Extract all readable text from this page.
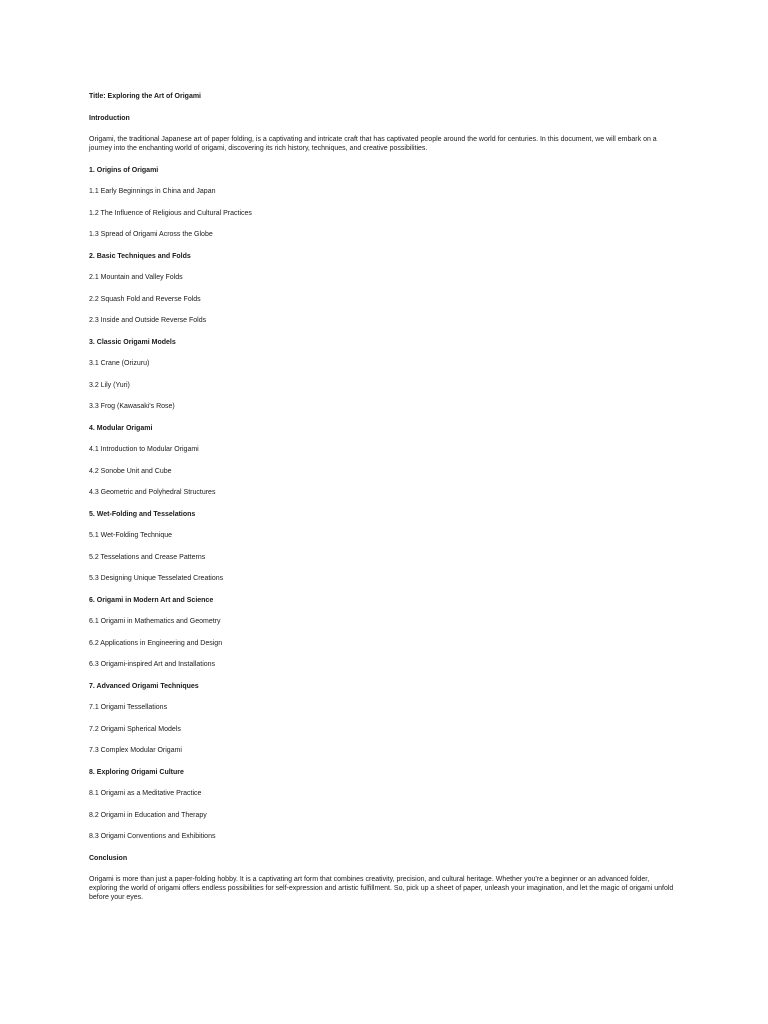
Title: Exploring the Art of Origami

Introduction

Origami, the traditional Japanese art of paper folding, is a captivating and intricate craft that has captivated people around the world for centuries. In this document, we will embark on a journey into the enchanting world of origami, discovering its rich history, techniques, and creative possibilities.

1. Origins of Origami

1.1 Early Beginnings in China and Japan

1.2 The Influence of Religious and Cultural Practices

1.3 Spread of Origami Across the Globe

2. Basic Techniques and Folds

2.1 Mountain and Valley Folds

2.2 Squash Fold and Reverse Folds

2.3 Inside and Outside Reverse Folds

3. Classic Origami Models

3.1 Crane (Orizuru)

3.2 Lily (Yuri)

3.3 Frog (Kawasaki's Rose)

4. Modular Origami

4.1 Introduction to Modular Origami

4.2 Sonobe Unit and Cube

4.3 Geometric and Polyhedral Structures

5. Wet-Folding and Tesselations

5.1 Wet-Folding Technique

5.2 Tesselations and Crease Patterns

5.3 Designing Unique Tesselated Creations

6. Origami in Modern Art and Science

6.1 Origami in Mathematics and Geometry

6.2 Applications in Engineering and Design

6.3 Origami-inspired Art and Installations

7. Advanced Origami Techniques

7.1 Origami Tessellations

7.2 Origami Spherical Models

7.3 Complex Modular Origami

8. Exploring Origami Culture

8.1 Origami as a Meditative Practice

8.2 Origami in Education and Therapy

8.3 Origami Conventions and Exhibitions

Conclusion

Origami is more than just a paper-folding hobby. It is a captivating art form that combines creativity, precision, and cultural heritage. Whether you're a beginner or an advanced folder, exploring the world of origami offers endless possibilities for self-expression and artistic fulfillment. So, pick up a sheet of paper, unleash your imagination, and let the magic of origami unfold before your eyes.
